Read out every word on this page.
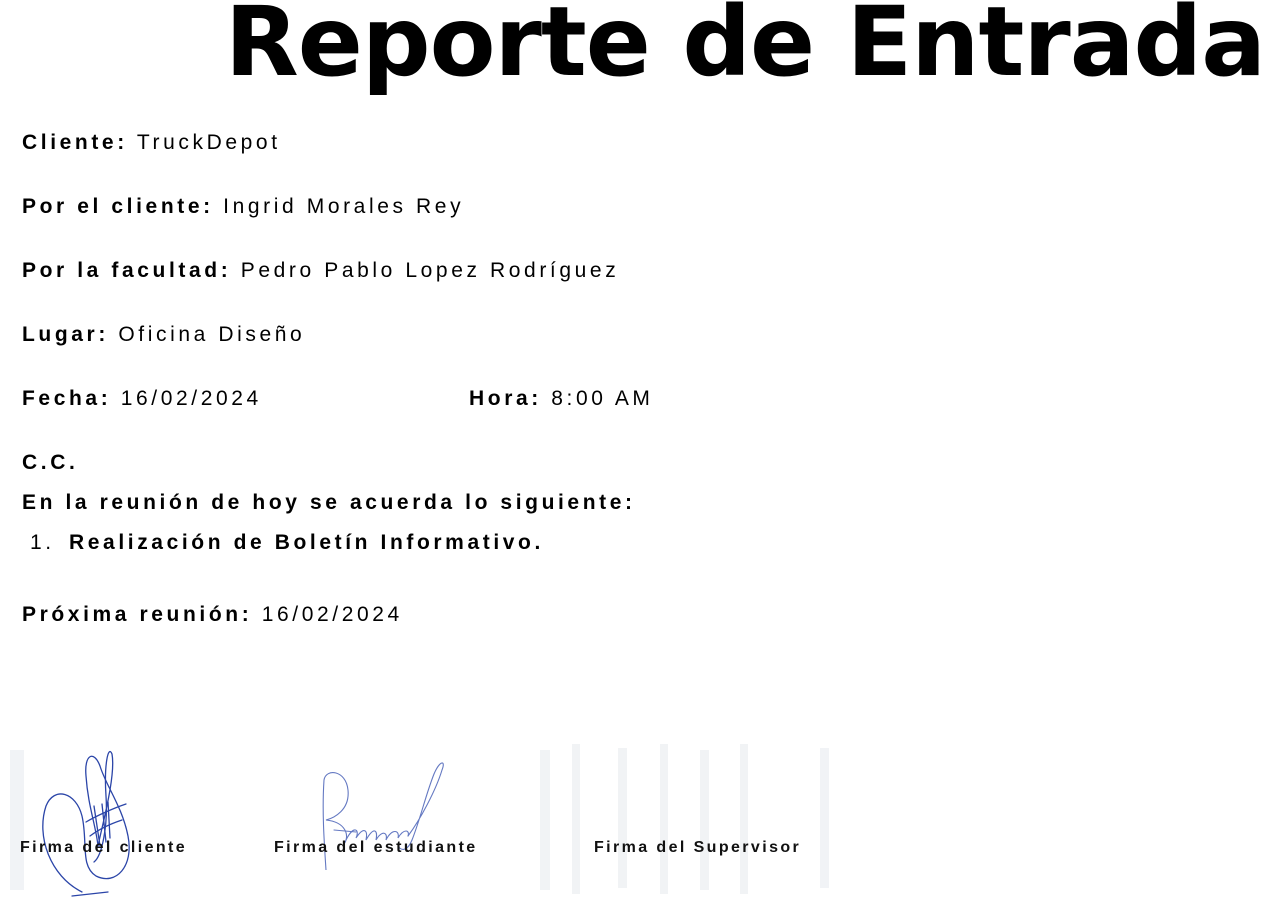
Reporte de Entrada

Cliente: TruckDepot

Por el cliente: Ingrid Morales Rey

Por la facultad: Pedro Pablo Lopez Rodríguez

Lugar: Oficina Diseño

Fecha: 16/02/2024	Hora: 8:00 AM

C.C.

En la reunión de hoy se acuerda lo siguiente:

1. Realización de Boletín Informativo.

Próxima reunión: 16/02/2024

Firma del cliente	Firma del estudiante	Firma del Supervisor
